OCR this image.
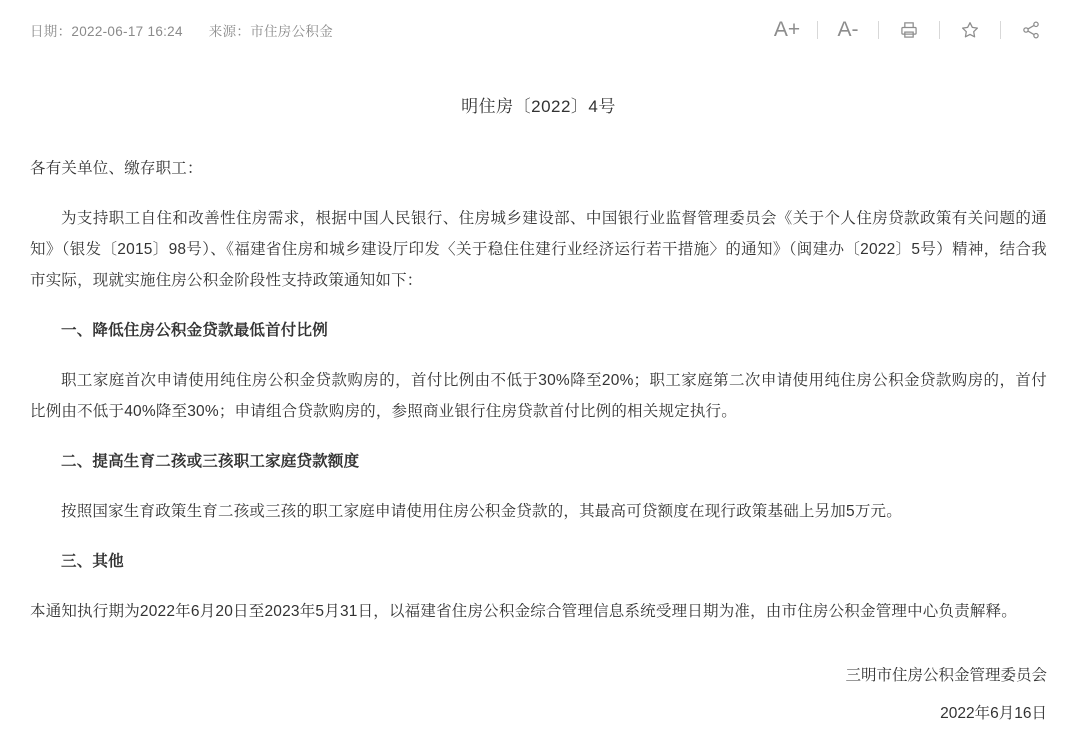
日期：2022-06-17 16:24 来源：市住房公积金	A+	A-
明住房〔2022〕4号

各有关单位、缴存职工：

为支持职工自住和改善性住房需求，根据中国人民银行、住房城乡建设部、中国银行业监督管理委员会《关于个人住房贷款政策有关问题的通知》（银发〔2015〕98号）、《福建省住房和城乡建设厅印发〈关于稳住住建行业经济运行若干措施〉的通知》（闽建办〔2022〕5号）精神，结合我市实际，现就实施住房公积金阶段性支持政策通知如下：

一、降低住房公积金贷款最低首付比例

职工家庭首次申请使用纯住房公积金贷款购房的，首付比例由不低于30%降至20%；职工家庭第二次申请使用纯住房公积金贷款购房的，首付比例由不低于40%降至30%；申请组合贷款购房的，参照商业银行住房贷款首付比例的相关规定执行。

二、提高生育二孩或三孩职工家庭贷款额度

按照国家生育政策生育二孩或三孩的职工家庭申请使用住房公积金贷款的，其最高可贷额度在现行政策基础上另加5万元。

三、其他

本通知执行期为2022年6月20日至2023年5月31日，以福建省住房公积金综合管理信息系统受理日期为准，由市住房公积金管理中心负责解释。

三明市住房公积金管理委员会
2022年6月16日
